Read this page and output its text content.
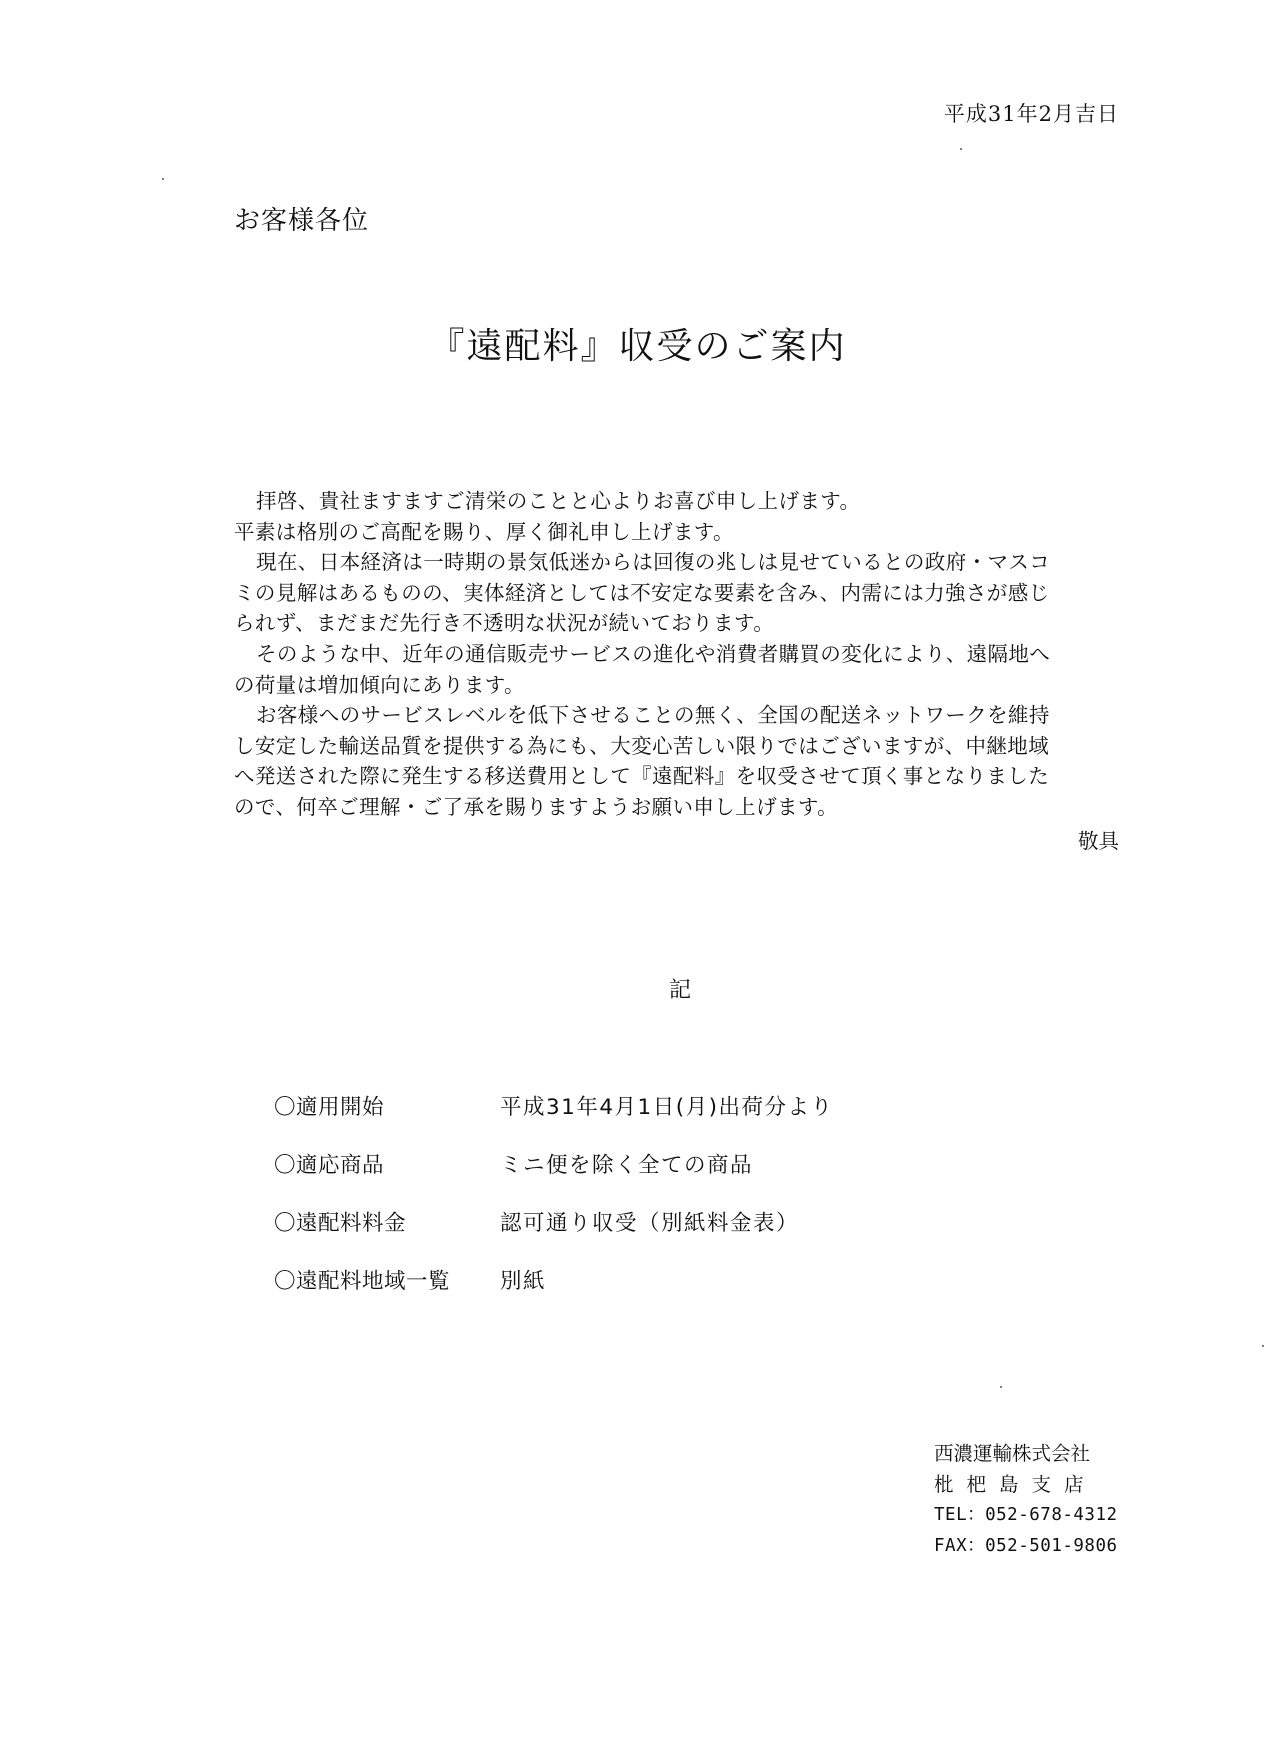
平成31年2月吉日
お客様各位
『遠配料』収受のご案内

拝啓、貴社ますますご清栄のことと心よりお喜び申し上げます。

平素は格別のご高配を賜り、厚く御礼申し上げます。

現在、日本経済は一時期の景気低迷からは回復の兆しは見せているとの政府・マスコ

ミの見解はあるものの、実体経済としては不安定な要素を含み、内需には力強さが感じ

られず、まだまだ先行き不透明な状況が続いております。

そのような中、近年の通信販売サービスの進化や消費者購買の変化により、遠隔地へ

の荷量は増加傾向にあります。

お客様へのサービスレベルを低下させることの無く、全国の配送ネットワークを維持

し安定した輸送品質を提供する為にも、大変心苦しい限りではございますが、中継地域

へ発送された際に発生する移送費用として『遠配料』を収受させて頂く事となりました

ので、何卒ご理解・ご了承を賜りますようお願い申し上げます。

敬具
記
〇適用開始	平成31年4月1日(月)出荷分より
〇適応商品	ミニ便を除く全ての商品
〇遠配料料金	認可通り収受（別紙料金表）
〇遠配料地域一覧	別紙
西濃運輸株式会社
枇杷島支店
TEL：052-678-4312
FAX：052-501-9806
